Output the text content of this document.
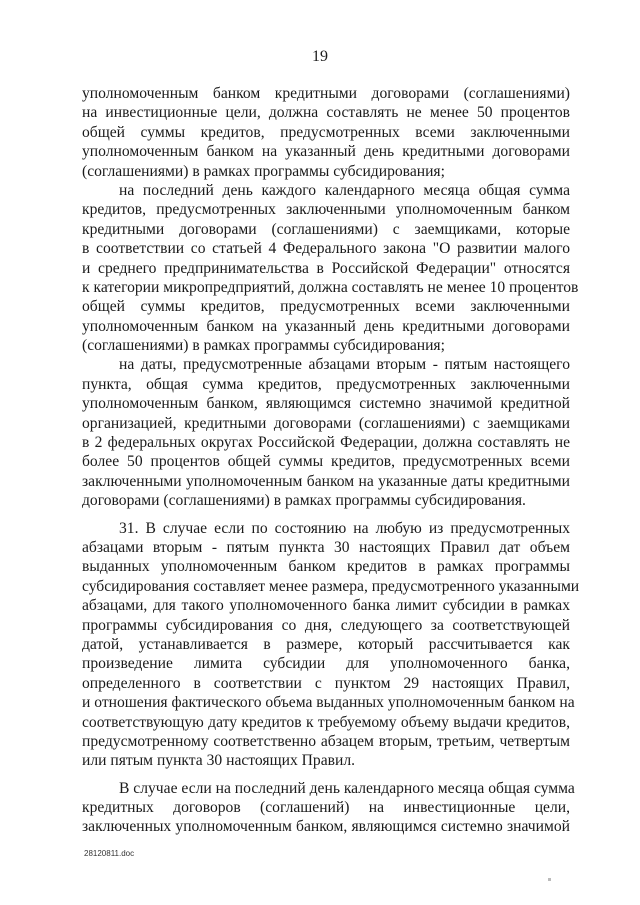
19
уполномоченным банком кредитными договорами (соглашениями)
на инвестиционные цели, должна составлять не менее 50 процентов
общей суммы кредитов, предусмотренных всеми заключенными
уполномоченным банком на указанный день кредитными договорами
(соглашениями) в рамках программы субсидирования;
на последний день каждого календарного месяца общая сумма
кредитов, предусмотренных заключенными уполномоченным банком
кредитными договорами (соглашениями) с заемщиками, которые
в соответствии со статьей 4 Федерального закона "О развитии малого
и среднего предпринимательства в Российской Федерации" относятся
к категории микропредприятий, должна составлять не менее 10 процентов
общей суммы кредитов, предусмотренных всеми заключенными
уполномоченным банком на указанный день кредитными договорами
(соглашениями) в рамках программы субсидирования;
на даты, предусмотренные абзацами вторым - пятым настоящего
пункта, общая сумма кредитов, предусмотренных заключенными
уполномоченным банком, являющимся системно значимой кредитной
организацией, кредитными договорами (соглашениями) с заемщиками
в 2 федеральных округах Российской Федерации, должна составлять не
более 50 процентов общей суммы кредитов, предусмотренных всеми
заключенными уполномоченным банком на указанные даты кредитными
договорами (соглашениями) в рамках программы субсидирования.
31. В случае если по состоянию на любую из предусмотренных
абзацами вторым - пятым пункта 30 настоящих Правил дат объем
выданных уполномоченным банком кредитов в рамках программы
субсидирования составляет менее размера, предусмотренного указанными
абзацами, для такого уполномоченного банка лимит субсидии в рамках
программы субсидирования со дня, следующего за соответствующей
датой, устанавливается в размере, который рассчитывается как
произведение лимита субсидии для уполномоченного банка,
определенного в соответствии с пунктом 29 настоящих Правил,
и отношения фактического объема выданных уполномоченным банком на
соответствующую дату кредитов к требуемому объему выдачи кредитов,
предусмотренному соответственно абзацем вторым, третьим, четвертым
или пятым пункта 30 настоящих Правил.
В случае если на последний день календарного месяца общая сумма
кредитных договоров (соглашений) на инвестиционные цели,
заключенных уполномоченным банком, являющимся системно значимой
28120811.doc
